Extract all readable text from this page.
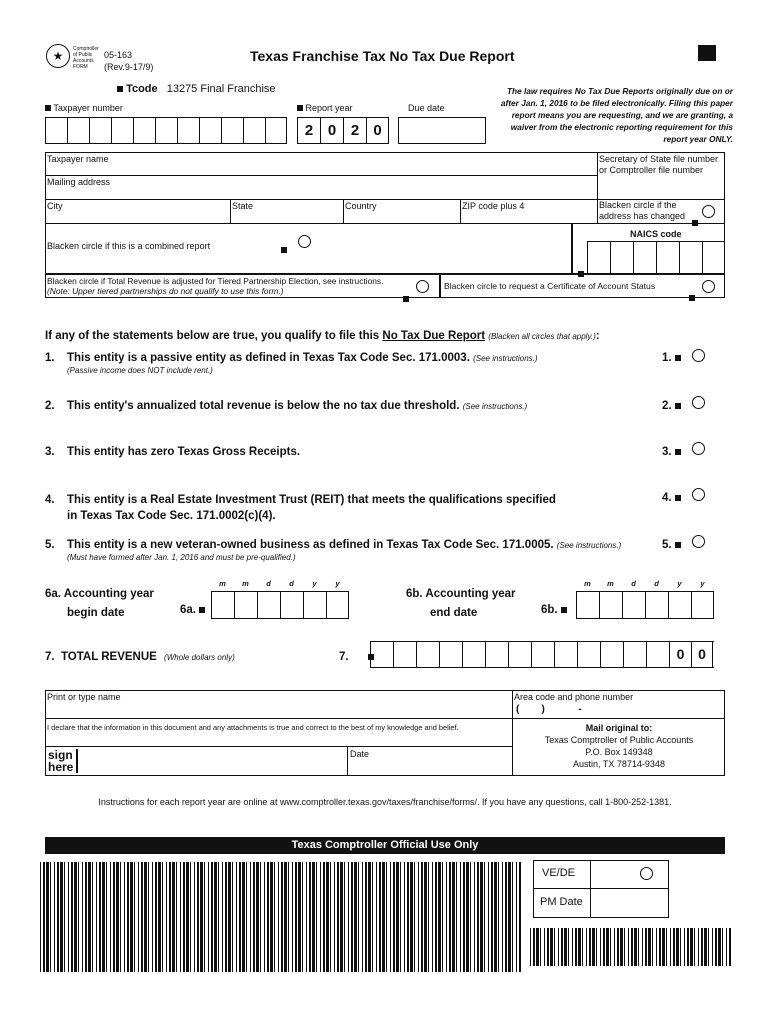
★	Comptroller of Public Accounts FORM
05-163
(Rev.9-17/9)
Texas Franchise Tax No Tax Due Report
Tcode 13275 Final Franchise	The law requires No Tax Due Reports originally due on or after Jan. 1, 2016 to be filed electronically. Filing this paper report means you are requesting, and we are granting, a waiver from the electronic reporting requirement for this report year ONLY.
Taxpayer number	Report year
2 0 2 0
Due date
Taxpayer name	Secretary of State file number or Comptroller file number
Mailing address
City	State	Country	ZIP code plus 4	Blacken circle if the address has changed
Blacken circle if this is a combined report
NAICS code
Blacken circle if Total Revenue is adjusted for Tiered Partnership Election, see instructions.
(Note: Upper tiered partnerships do not qualify to use this form.)	Blacken circle to request a Certificate of Account Status
If any of the statements below are true, you qualify to file this No Tax Due Report (Blacken all circles that apply.):
1. This entity is a passive entity as defined in Texas Tax Code Sec. 171.0003. (See instructions.)
(Passive income does NOT include rent.)
1.
2. This entity's annualized total revenue is below the no tax due threshold. (See instructions.)	2.
3. This entity has zero Texas Gross Receipts.	3.
4. This entity is a Real Estate Investment Trust (REIT) that meets the qualifications specified
in Texas Tax Code Sec. 171.0002(c)(4).
4.
5. This entity is a new veteran-owned business as defined in Texas Tax Code Sec. 171.0005. (See instructions.)
(Must have formed after Jan. 1, 2016 and must be pre-qualified.)
5.
6a. Accounting year
begin date	6a.
m	m	d	d	y	y
6b. Accounting year
end date	6b.
m	m	d	d	y	y
7. TOTAL REVENUE (Whole dollars only)	7.	0 0
Print or type name	Area code and phone number
(        )            -
I declare that the information in this document and any attachments is true and correct to the best of my knowledge and belief.
sign
here
Date
Mail original to:
Texas Comptroller of Public Accounts
P.O. Box 149348
Austin, TX 78714-9348
Instructions for each report year are online at www.comptroller.texas.gov/taxes/franchise/forms/. If you have any questions, call 1-800-252-1381.
Texas Comptroller Official Use Only
VE/DE
PM Date
